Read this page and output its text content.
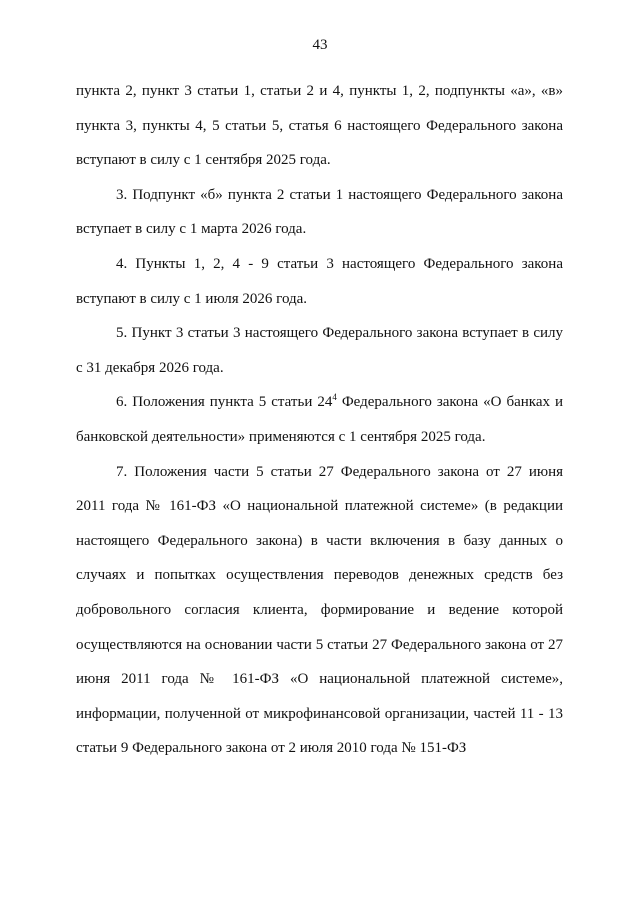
43

пункта 2, пункт 3 статьи 1, статьи 2 и 4, пункты 1, 2, подпункты «а», «в» пункта 3, пункты 4, 5 статьи 5, статья 6 настоящего Федерального закона вступают в силу с 1 сентября 2025 года.

3. Подпункт «б» пункта 2 статьи 1 настоящего Федерального закона вступает в силу с 1 марта 2026 года.

4. Пункты 1, 2, 4 - 9 статьи 3 настоящего Федерального закона вступают в силу с 1 июля 2026 года.

5. Пункт 3 статьи 3 настоящего Федерального закона вступает в силу с 31 декабря 2026 года.

6. Положения пункта 5 статьи $24^4$ Федерального закона «О банках и банковской деятельности» применяются с 1 сентября 2025 года.

7. Положения части 5 статьи 27 Федерального закона от 27 июня 2011 года № 161-ФЗ «О национальной платежной системе» (в редакции настоящего Федерального закона) в части включения в базу данных о случаях и попытках осуществления переводов денежных средств без добровольного согласия клиента, формирование и ведение которой осуществляются на основании части 5 статьи 27 Федерального закона от 27 июня 2011 года № 161-ФЗ «О национальной платежной системе», информации, полученной от микрофинансовой организации, частей 11 - 13 статьи 9 Федерального закона от 2 июля 2010 года № 151-ФЗ
